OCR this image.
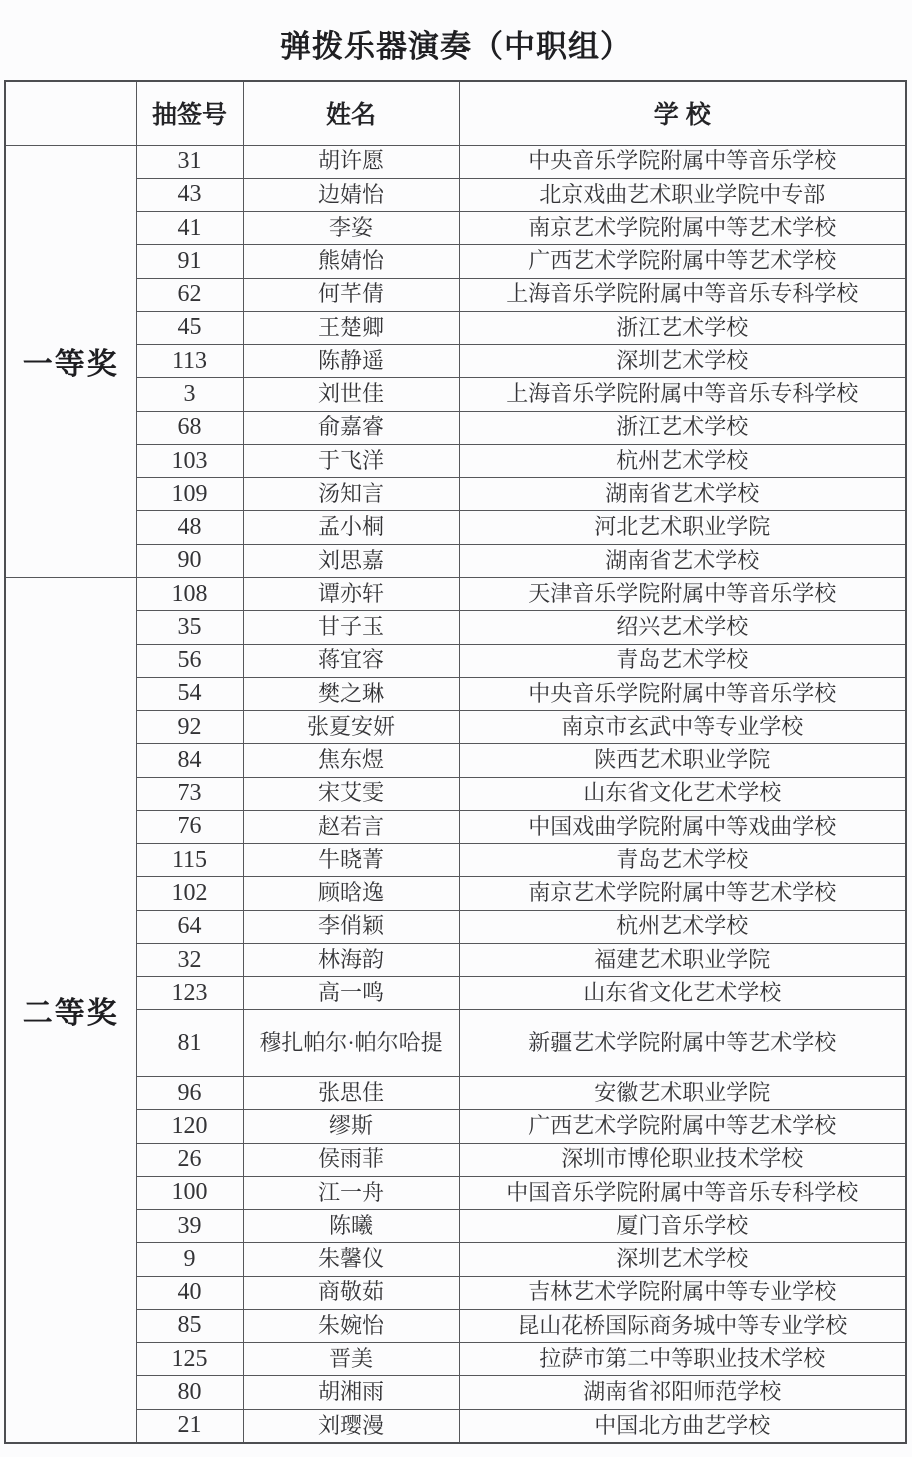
弹拨乐器演奏（中职组）
	抽签号	姓名	学 校
一等奖	31	胡许愿	中央音乐学院附属中等音乐学校
	43	边婧怡	北京戏曲艺术职业学院中专部
	41	李姿	南京艺术学院附属中等艺术学校
	91	熊婧怡	广西艺术学院附属中等艺术学校
	62	何芊倩	上海音乐学院附属中等音乐专科学校
	45	王楚卿	浙江艺术学校
	113	陈静遥	深圳艺术学校
	3	刘世佳	上海音乐学院附属中等音乐专科学校
	68	俞嘉睿	浙江艺术学校
	103	于飞洋	杭州艺术学校
	109	汤知言	湖南省艺术学校
	48	孟小桐	河北艺术职业学院
	90	刘思嘉	湖南省艺术学校
二等奖	108	谭亦轩	天津音乐学院附属中等音乐学校
	35	甘子玉	绍兴艺术学校
	56	蒋宜容	青岛艺术学校
	54	樊之琳	中央音乐学院附属中等音乐学校
	92	张夏安妍	南京市玄武中等专业学校
	84	焦东煜	陕西艺术职业学院
	73	宋艾雯	山东省文化艺术学校
	76	赵若言	中国戏曲学院附属中等戏曲学校
	115	牛晓菁	青岛艺术学校
	102	顾晗逸	南京艺术学院附属中等艺术学校
	64	李俏颖	杭州艺术学校
	32	林海韵	福建艺术职业学院
	123	高一鸣	山东省文化艺术学校
	81	穆扎帕尔·帕尔哈提	新疆艺术学院附属中等艺术学校
	96	张思佳	安徽艺术职业学院
	120	缪斯	广西艺术学院附属中等艺术学校
	26	侯雨菲	深圳市博伦职业技术学校
	100	江一舟	中国音乐学院附属中等音乐专科学校
	39	陈曦	厦门音乐学校
	9	朱馨仪	深圳艺术学校
	40	商敬茹	吉林艺术学院附属中等专业学校
	85	朱婉怡	昆山花桥国际商务城中等专业学校
	125	晋美	拉萨市第二中等职业技术学校
	80	胡湘雨	湖南省祁阳师范学校
	21	刘璎漫	中国北方曲艺学校
